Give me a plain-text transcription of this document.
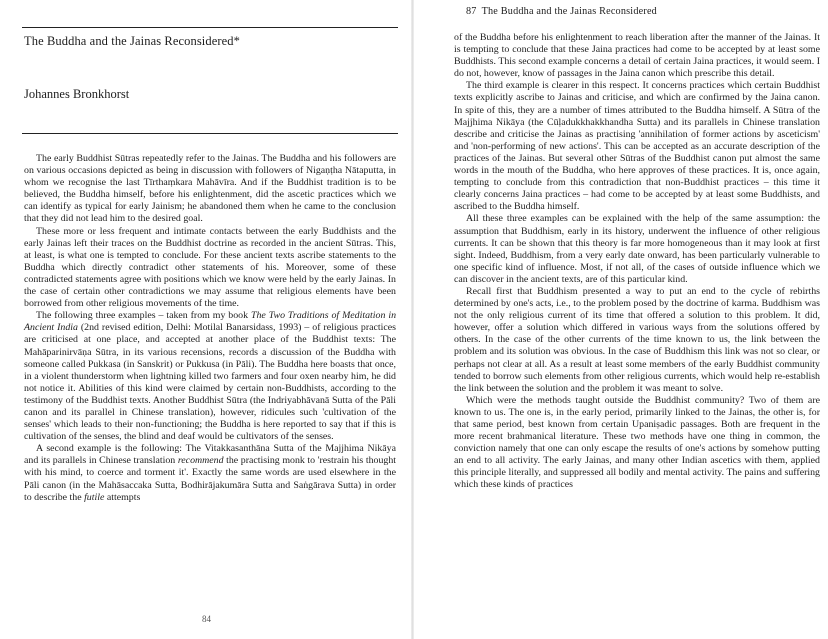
The Buddha and the Jainas Reconsidered*
Johannes Bronkhorst

The early Buddhist Sūtras repeatedly refer to the Jainas. The Buddha and his followers are on various occasions depicted as being in discussion with followers of Nigaṇṭha Nātaputta, in whom we recognise the last Tīrthaṃkara Mahāvīra. And if the Buddhist tradition is to be believed, the Buddha himself, before his enlightenment, did the ascetic practices which we can identify as typical for early Jainism; he abandoned them when he came to the conclusion that they did not lead him to the desired goal.

These more or less frequent and intimate contacts between the early Buddhists and the early Jainas left their traces on the Buddhist doctrine as recorded in the ancient Sūtras. This, at least, is what one is tempted to conclude. For these ancient texts ascribe statements to the Buddha which directly contradict other statements of his. Moreover, some of these contradicted statements agree with positions which we know were held by the early Jainas. In the case of certain other contradictions we may assume that religious elements have been borrowed from other religious movements of the time.

The following three examples – taken from my book The Two Traditions of Meditation in Ancient India (2nd revised edition, Delhi: Motilal Banarsidass, 1993) – of religious practices are criticised at one place, and accepted at another place of the Buddhist texts: The Mahāparinirvāṇa Sūtra, in its various recensions, records a discussion of the Buddha with someone called Pukkasa (in Sanskrit) or Pukkusa (in Pāli). The Buddha here boasts that once, in a violent thunderstorm when lightning killed two farmers and four oxen nearby him, he did not notice it. Abilities of this kind were claimed by certain non-Buddhists, according to the testimony of the Buddhist texts. Another Buddhist Sūtra (the Indriyabhāvanā Sutta of the Pāli canon and its parallel in Chinese translation), however, ridicules such 'cultivation of the senses' which leads to their non-functioning; the Buddha is here reported to say that if this is cultivation of the senses, the blind and deaf would be cultivators of the senses.

A second example is the following: The Vitakkasanthāna Sutta of the Majjhima Nikāya and its parallels in Chinese translation recommend the practising monk to 'restrain his thought with his mind, to coerce and torment it'. Exactly the same words are used elsewhere in the Pāli canon (in the Mahāsaccaka Sutta, Bodhirājakumāra Sutta and Saṅgārava Sutta) in order to describe the futile attempts

84
87 The Buddha and the Jainas Reconsidered

of the Buddha before his enlightenment to reach liberation after the manner of the Jainas. It is tempting to conclude that these Jaina practices had come to be accepted by at least some Buddhists. This second example concerns a detail of certain Jaina practices, it would seem. I do not, however, know of passages in the Jaina canon which prescribe this detail.

The third example is clearer in this respect. It concerns practices which certain Buddhist texts explicitly ascribe to Jainas and criticise, and which are confirmed by the Jaina canon. In spite of this, they are a number of times attributed to the Buddha himself. A Sūtra of the Majjhima Nikāya (the Cūḷadukkhakkhandha Sutta) and its parallels in Chinese translation describe and criticise the Jainas as practising 'annihilation of former actions by asceticism' and 'non-performing of new actions'. This can be accepted as an accurate description of the practices of the Jainas. But several other Sūtras of the Buddhist canon put almost the same words in the mouth of the Buddha, who here approves of these practices. It is, once again, tempting to conclude from this contradiction that non-Buddhist practices – this time it clearly concerns Jaina practices – had come to be accepted by at least some Buddhists, and ascribed to the Buddha himself.

All these three examples can be explained with the help of the same assumption: the assumption that Buddhism, early in its history, underwent the influence of other religious currents. It can be shown that this theory is far more homogeneous than it may look at first sight. Indeed, Buddhism, from a very early date onward, has been particularly vulnerable to one specific kind of influence. Most, if not all, of the cases of outside influence which we can discover in the ancient texts, are of this particular kind.

Recall first that Buddhism presented a way to put an end to the cycle of rebirths determined by one's acts, i.e., to the problem posed by the doctrine of karma. Buddhism was not the only religious current of its time that offered a solution to this problem. It did, however, offer a solution which differed in various ways from the solutions offered by others. In the case of the other currents of the time known to us, the link between the problem and its solution was obvious. In the case of Buddhism this link was not so clear, or perhaps not clear at all. As a result at least some members of the early Buddhist community tended to borrow such elements from other religious currents, which would help re-establish the link between the solution and the problem it was meant to solve.

Which were the methods taught outside the Buddhist community? Two of them are known to us. The one is, in the early period, primarily linked to the Jainas, the other is, for that same period, best known from certain Upaniṣadic passages. Both are frequent in the more recent brahmanical literature. These two methods have one thing in common, the conviction namely that one can only escape the results of one's actions by somehow putting an end to all activity. The early Jainas, and many other Indian ascetics with them, applied this principle literally, and suppressed all bodily and mental activity. The pains and suffering which these kinds of practices
